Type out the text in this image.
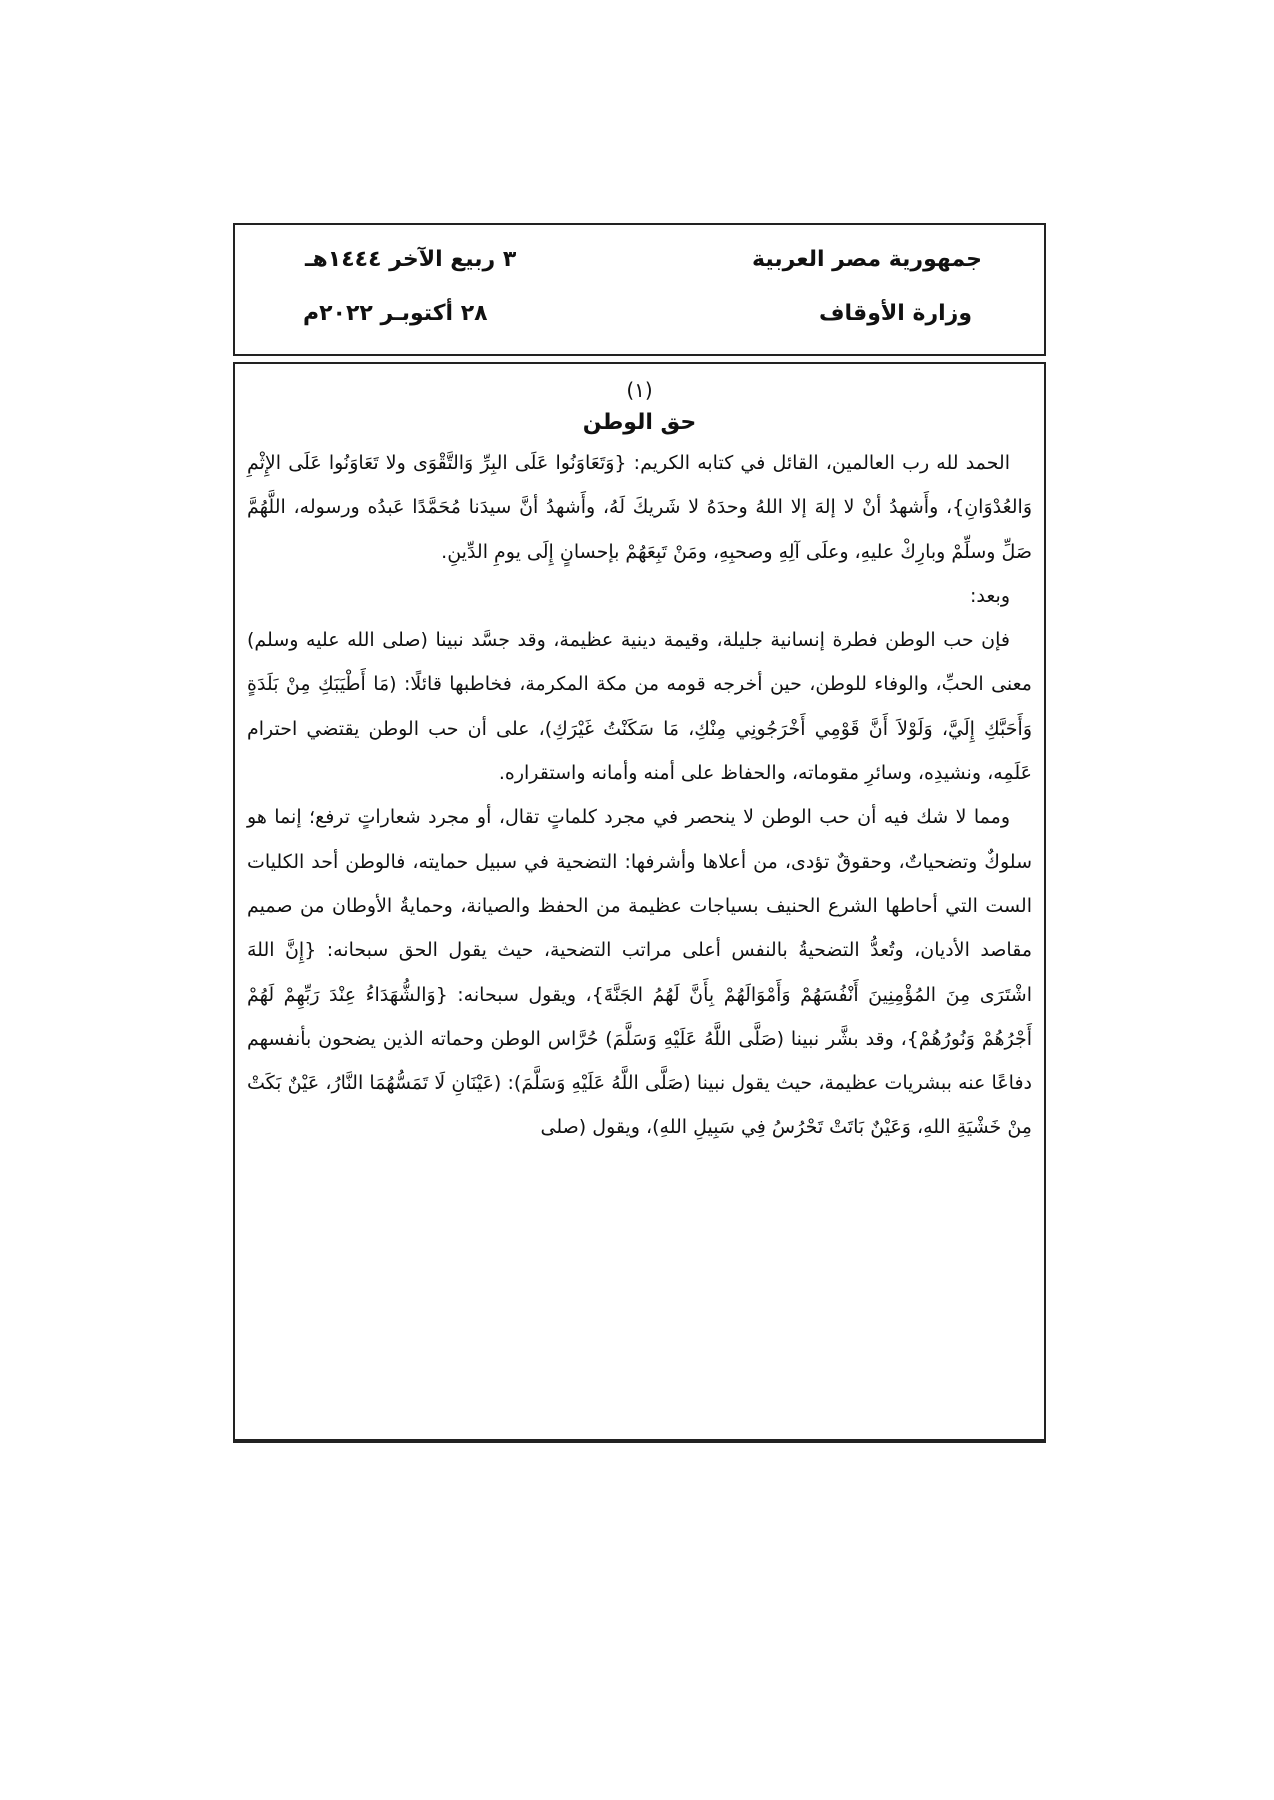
جمهورية مصر العربية
وزارة الأوقاف
٣ ربيع الآخر ١٤٤٤هـ
٢٨ أكتوبـر ٢٠٢٢م
(١)
حق الوطن

الحمد لله رب العالمين، القائل في كتابه الكريم: {وَتَعَاوَنُوا عَلَى البِرِّ وَالتَّقْوَى ولا تَعَاوَنُوا عَلَى الإِثْمِ وَالعُدْوَانِ}، وأَشهدُ أنْ لا إلهَ إلا اللهُ وحدَهُ لا شَريكَ لَهُ، وأَشهدُ أنَّ سيدَنا مُحَمَّدًا عَبدُه ورسوله، اللَّهُمَّ صَلِّ وسلِّمْ وبارِكْ عليهِ، وعلَى آلِهِ وصحبِهِ، ومَنْ تَبِعَهُمْ بإحسانٍ إِلَى يومِ الدِّينِ.

وبعد:

فإن حب الوطن فطرة إنسانية جليلة، وقيمة دينية عظيمة، وقد جسَّد نبينا (صلى الله عليه وسلم) معنى الحبِّ، والوفاء للوطن، حين أخرجه قومه من مكة المكرمة، فخاطبها قائلًا: (مَا أَطْيَبَكِ مِنْ بَلَدَةٍ وَأَحَبَّكِ إِلَيَّ، وَلَوْلاَ أَنَّ قَوْمِي أَخْرَجُونِي مِنْكِ، مَا سَكَنْتُ غَيْرَكِ)، على أن حب الوطن يقتضي احترام عَلَمِه، ونشيدِه، وسائرِ مقوماته، والحفاظ على أمنه وأمانه واستقراره.

ومما لا شك فيه أن حب الوطن لا ينحصر في مجرد كلماتٍ تقال، أو مجرد شعاراتٍ ترفع؛ إنما هو سلوكٌ وتضحياتٌ، وحقوقٌ تؤدى، من أعلاها وأشرفها: التضحية في سبيل حمايته، فالوطن أحد الكليات الست التي أحاطها الشرع الحنيف بسياجات عظيمة من الحفظ والصيانة، وحمايةُ الأوطان من صميم مقاصد الأديان، وتُعدُّ التضحيةُ بالنفس أعلى مراتب التضحية، حيث يقول الحق سبحانه: {إِنَّ اللهَ اشْتَرَى مِنَ المُؤْمِنِينَ أَنْفُسَهُمْ وَأَمْوَالَهُمْ بِأَنَّ لَهُمُ الجَنَّةَ}، ويقول سبحانه: {وَالشُّهَدَاءُ عِنْدَ رَبِّهِمْ لَهُمْ أَجْرُهُمْ وَنُورُهُمْ}، وقد بشَّر نبينا (صَلَّى اللَّهُ عَلَيْهِ وَسَلَّمَ) حُرَّاس الوطن وحماته الذين يضحون بأنفسهم دفاعًا عنه ببشريات عظيمة، حيث يقول نبينا (صَلَّى اللَّهُ عَلَيْهِ وَسَلَّمَ): (عَيْنَانِ لَا تَمَسُّهُمَا النَّارُ، عَيْنٌ بَكَتْ مِنْ خَشْيَةِ اللهِ، وَعَيْنٌ بَاتَتْ تَحْرُسُ فِي سَبِيلِ اللهِ)، ويقول (صلى
